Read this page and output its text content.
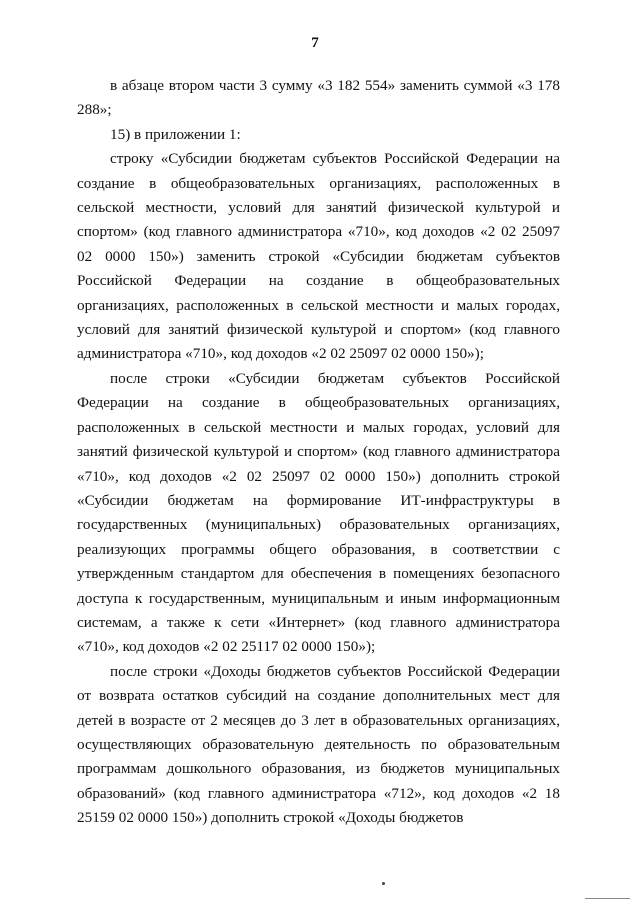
7

в абзаце втором части 3 сумму «3 182 554» заменить суммой «3 178 288»;

15) в приложении 1:

строку «Субсидии бюджетам субъектов Российской Федерации на создание в общеобразовательных организациях, расположенных в сельской местности, условий для занятий физической культурой и спортом» (код главного администратора «710», код доходов «2 02 25097 02 0000 150») заменить строкой «Субсидии бюджетам субъектов Российской Федерации на создание в общеобразовательных организациях, расположенных в сельской местности и малых городах, условий для занятий физической культурой и спортом» (код главного администратора «710», код доходов «2 02 25097 02 0000 150»);

после строки «Субсидии бюджетам субъектов Российской Федерации на создание в общеобразовательных организациях, расположенных в сельской местности и малых городах, условий для занятий физической культурой и спортом» (код главного администратора «710», код доходов «2 02 25097 02 0000 150») дополнить строкой «Субсидии бюджетам на формирование ИТ-инфраструктуры в государственных (муниципальных) образовательных организациях, реализующих программы общего образования, в соответствии с утвержденным стандартом для обеспечения в помещениях безопасного доступа к государственным, муниципальным и иным информационным системам, а также к сети «Интернет» (код главного администратора «710», код доходов «2 02 25117 02 0000 150»);

после строки «Доходы бюджетов субъектов Российской Федерации от возврата остатков субсидий на создание дополнительных мест для детей в возрасте от 2 месяцев до 3 лет в образовательных организациях, осуществляющих образовательную деятельность по образовательным программам дошкольного образования, из бюджетов муниципальных образований» (код главного администратора «712», код доходов «2 18 25159 02 0000 150») дополнить строкой «Доходы бюджетов
